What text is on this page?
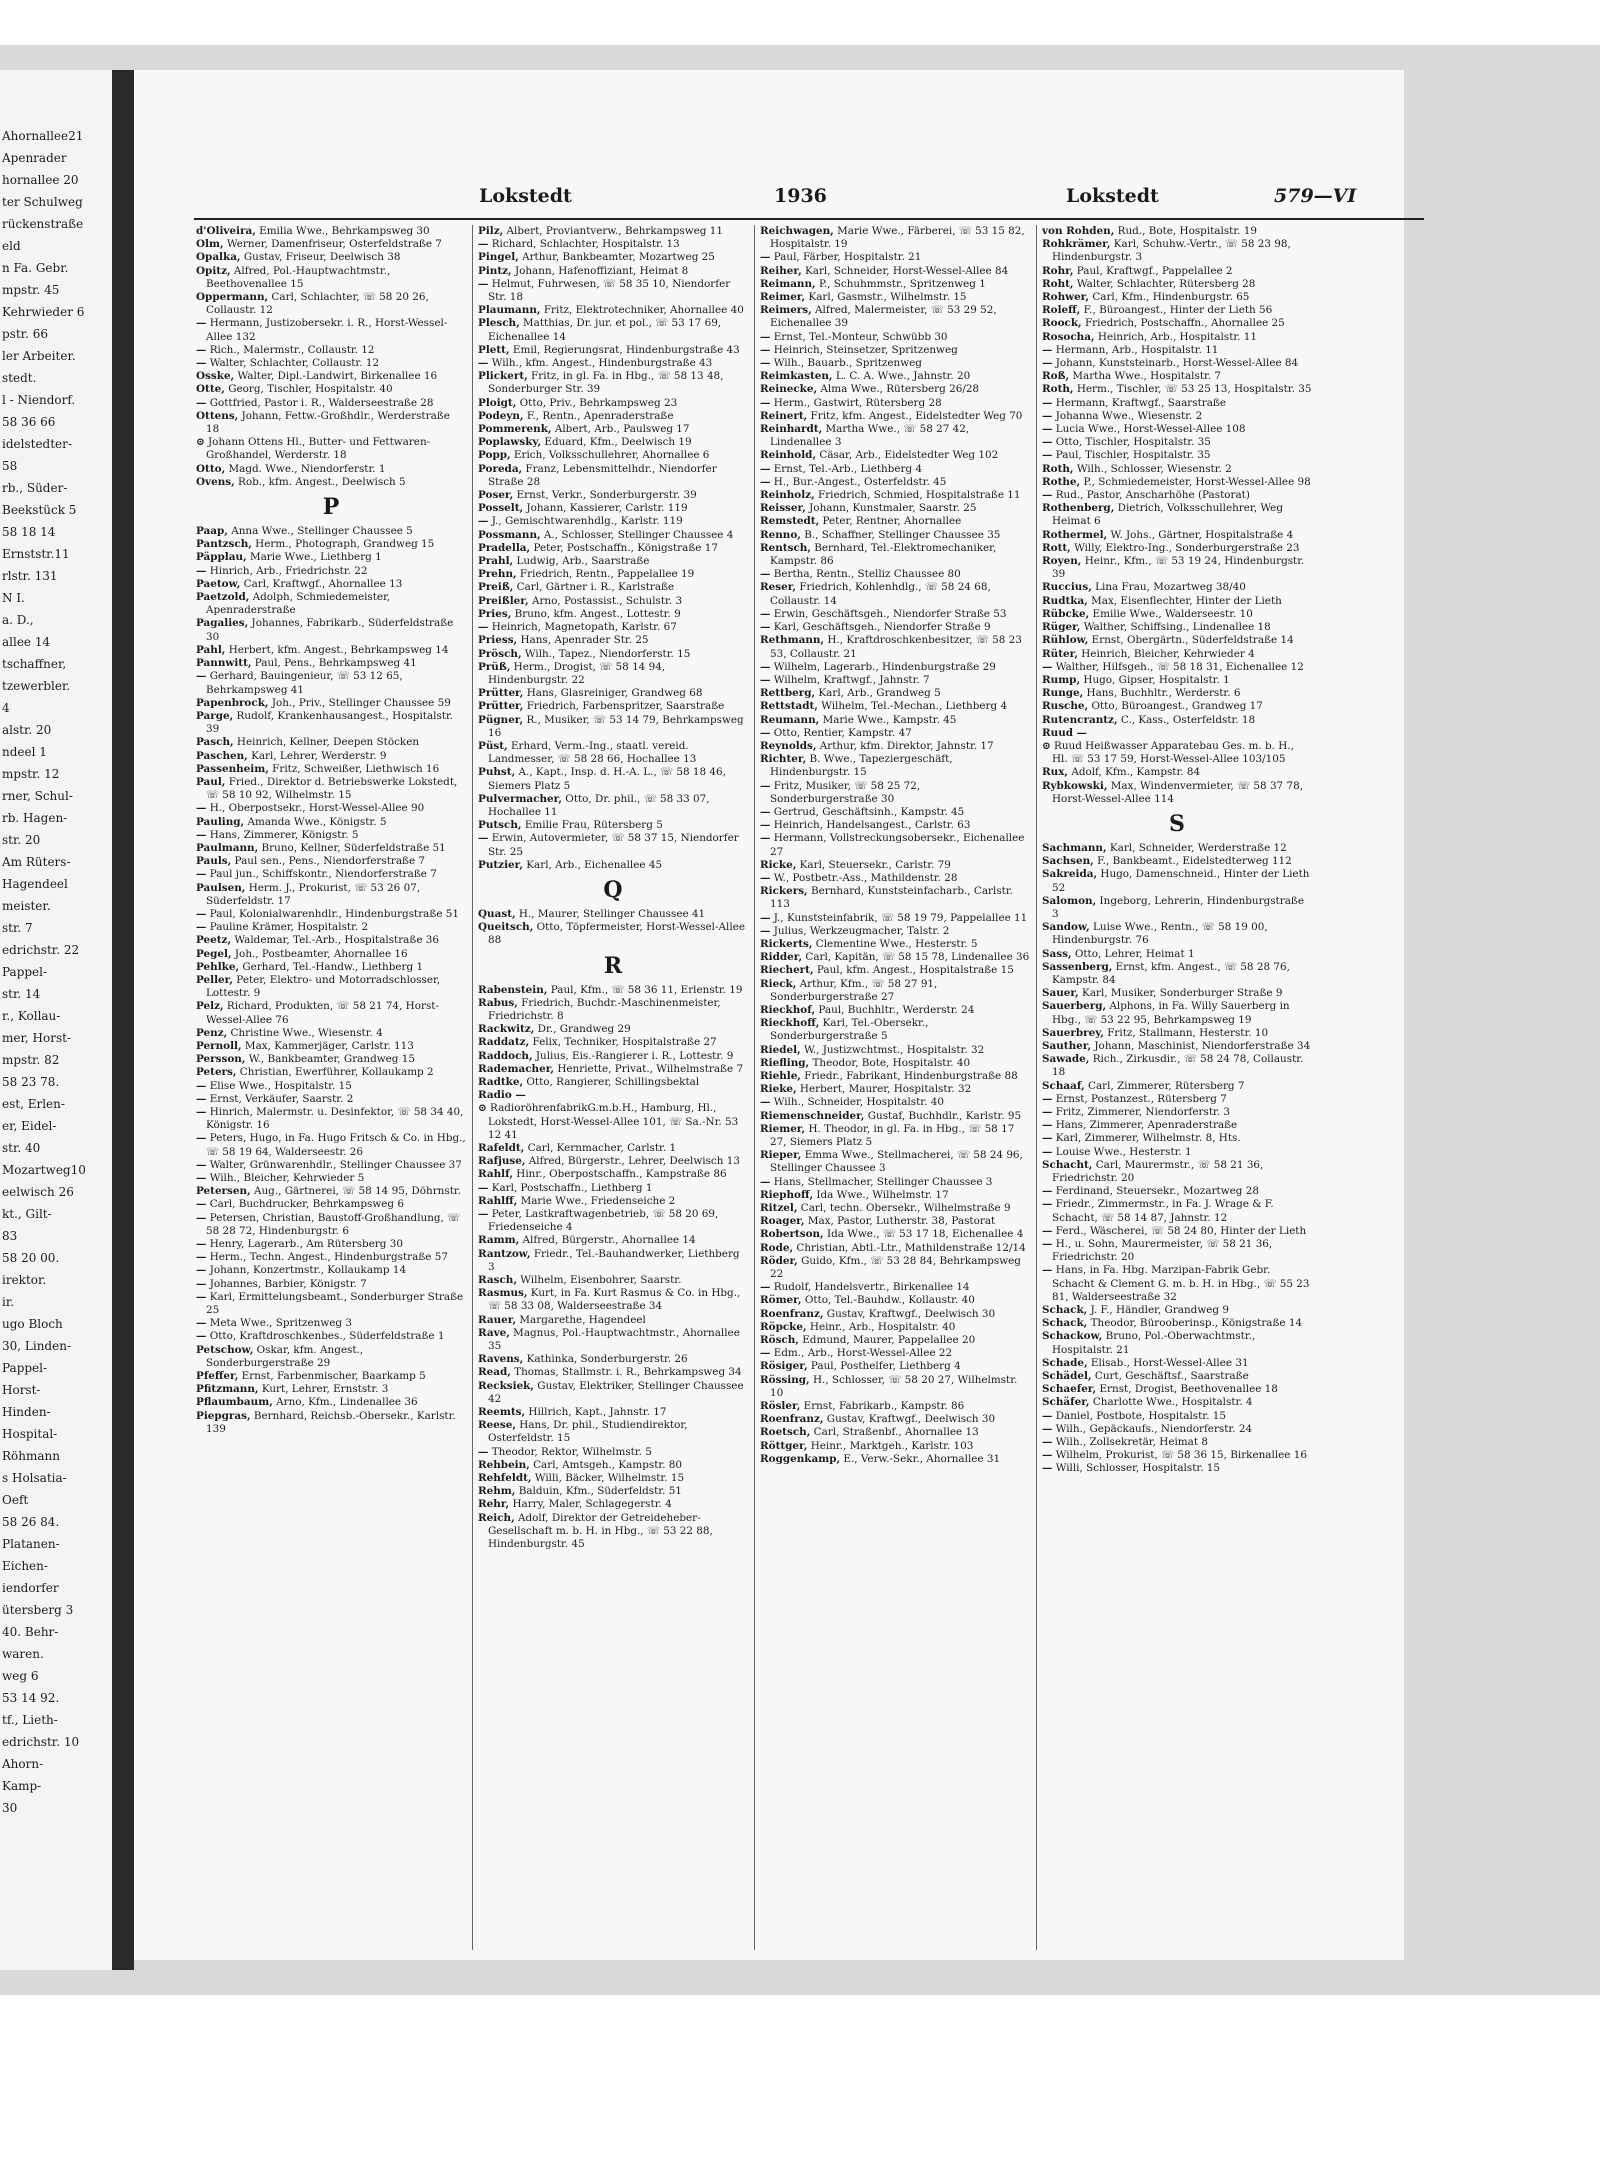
Ahornallee21
Apenrader
hornallee 20
ter Schulweg
rückenstraße
eld
n Fa. Gebr.
mpstr. 45
Kehrwieder 6
pstr. 66
ler Arbeiter.
stedt.
l - Niendorf.
58 36 66
idelstedter-
58
rb., Süder-
Beekstück 5
58 18 14
Ernststr.11
rlstr. 131
N I.
a. D.,
allee 14
tschaffner,
tzewerbler.
4
alstr. 20
ndeel 1
mpstr. 12
rner, Schul-
rb. Hagen-
str. 20
Am Rüters-
Hagendeel
meister.
str. 7
edrichstr. 22
Pappel-
str. 14
r., Kollau-
mer, Horst-
mpstr. 82
58 23 78.
est, Erlen-
er, Eidel-
str. 40
Mozartweg10
eelwisch 26
kt., Gilt-
83
58 20 00.
irektor.
ir.
ugo Bloch
30, Linden-
Pappel-
Horst-
Hinden-
Hospital-
Röhmann
s Holsatia-
Oeft
58 26 84.
Platanen-
Eichen-
iendorfer
ütersberg 3
40. Behr-
waren.
weg 6
53 14 92.
tf., Lieth-
edrichstr. 10
Ahorn-
Kamp-
30
Lokstedt	1936	Lokstedt	579—VI

d'Oliveira, Emilia Wwe., Behrkampsweg 30

Olm, Werner, Damenfriseur, Osterfeldstraße 7

Opalka, Gustav, Friseur, Deelwisch 38

Opitz, Alfred, Pol.-Hauptwachtmstr., Beethovenallee 15

Oppermann, Carl, Schlachter, ☏ 58 20 26, Collaustr. 12

— Hermann, Justizobersekr. i. R., Horst-Wessel-Allee 132

— Rich., Malermstr., Collaustr. 12

— Walter, Schlachter, Collaustr. 12

Osske, Walter, Dipl.-Landwirt, Birkenallee 16

Otte, Georg, Tischler, Hospitalstr. 40

— Gottfried, Pastor i. R., Walderseestraße 28

Ottens, Johann, Fettw.-Großhdlr., Werderstraße 18

⊙ Johann Ottens Hl., Butter- und Fettwaren-Großhandel, Werderstr. 18

Otto, Magd. Wwe., Niendorferstr. 1

Ovens, Rob., kfm. Angest., Deelwisch 5

P

Paap, Anna Wwe., Stellinger Chaussee 5

Pantzsch, Herm., Photograph, Grandweg 15

Päpplau, Marie Wwe., Liethberg 1

— Hinrich, Arb., Friedrichstr. 22

Paetow, Carl, Kraftwgf., Ahornallee 13

Paetzold, Adolph, Schmiedemeister, Apenraderstraße

Pagalies, Johannes, Fabrikarb., Süderfeldstraße 30

Pahl, Herbert, kfm. Angest., Behrkampsweg 14

Pannwitt, Paul, Pens., Behrkampsweg 41

— Gerhard, Bauingenieur, ☏ 53 12 65, Behrkampsweg 41

Papenbrock, Joh., Priv., Stellinger Chaussee 59

Parge, Rudolf, Krankenhausangest., Hospitalstr. 39

Pasch, Heinrich, Kellner, Deepen Stöcken

Paschen, Karl, Lehrer, Werderstr. 9

Passenheim, Fritz, Schweißer, Liethwisch 16

Paul, Fried., Direktor d. Betriebswerke Lokstedt, ☏ 58 10 92, Wilhelmstr. 15

— H., Oberpostsekr., Horst-Wessel-Allee 90

Pauling, Amanda Wwe., Königstr. 5

— Hans, Zimmerer, Königstr. 5

Paulmann, Bruno, Kellner, Süderfeldstraße 51

Pauls, Paul sen., Pens., Niendorferstraße 7

— Paul jun., Schiffskontr., Niendorferstraße 7

Paulsen, Herm. J., Prokurist, ☏ 53 26 07, Süderfeldstr. 17

— Paul, Kolonialwarenhdlr., Hindenburgstraße 51

— Pauline Krämer, Hospitalstr. 2

Peetz, Waldemar, Tel.-Arb., Hospitalstraße 36

Pegel, Joh., Postbeamter, Ahornallee 16

Pehlke, Gerhard, Tel.-Handw., Liethberg 1

Peller, Peter, Elektro- und Motorradschlosser, Lottestr. 9

Pelz, Richard, Produkten, ☏ 58 21 74, Horst-Wessel-Allee 76

Penz, Christine Wwe., Wiesenstr. 4

Pernoll, Max, Kammerjäger, Carlstr. 113

Persson, W., Bankbeamter, Grandweg 15

Peters, Christian, Ewerführer, Kollaukamp 2

— Elise Wwe., Hospitalstr. 15

— Ernst, Verkäufer, Saarstr. 2

— Hinrich, Malermstr. u. Desinfektor, ☏ 58 34 40, Königstr. 16

— Peters, Hugo, in Fa. Hugo Fritsch & Co. in Hbg., ☏ 58 19 64, Walderseestr. 26

— Walter, Grünwarenhdlr., Stellinger Chaussee 37

— Wilh., Bleicher, Kehrwieder 5

Petersen, Aug., Gärtnerei, ☏ 58 14 95, Döhrnstr.

— Carl, Buchdrucker, Behrkampsweg 6

— Petersen, Christian, Baustoff-Großhandlung, ☏ 58 28 72, Hindenburgstr. 6

— Henry, Lagerarb., Am Rütersberg 30

— Herm., Techn. Angest., Hindenburgstraße 57

— Johann, Konzertmstr., Kollaukamp 14

— Johannes, Barbier, Königstr. 7

— Karl, Ermittelungsbeamt., Sonderburger Straße 25

— Meta Wwe., Spritzenweg 3

— Otto, Kraftdroschkenbes., Süderfeldstraße 1

Petschow, Oskar, kfm. Angest., Sonderburgerstraße 29

Pfeffer, Ernst, Farbenmischer, Baarkamp 5

Pfitzmann, Kurt, Lehrer, Ernststr. 3

Pflaumbaum, Arno, Kfm., Lindenallee 36

Piepgras, Bernhard, Reichsb.-Obersekr., Karlstr. 139

Pilz, Albert, Proviantverw., Behrkampsweg 11

— Richard, Schlachter, Hospitalstr. 13

Pingel, Arthur, Bankbeamter, Mozartweg 25

Pintz, Johann, Hafenoffiziant, Heimat 8

— Helmut, Fuhrwesen, ☏ 58 35 10, Niendorfer Str. 18

Plaumann, Fritz, Elektrotechniker, Ahornallee 40

Plesch, Matthias, Dr. jur. et pol., ☏ 53 17 69, Eichenallee 14

Plett, Emil, Regierungsrat, Hindenburgstraße 43

— Wilh., kfm. Angest., Hindenburgstraße 43

Plickert, Fritz, in gl. Fa. in Hbg., ☏ 58 13 48, Sonderburger Str. 39

Ploigt, Otto, Priv., Behrkampsweg 23

Podeyn, F., Rentn., Apenraderstraße

Pommerenk, Albert, Arb., Paulsweg 17

Poplawsky, Eduard, Kfm., Deelwisch 19

Popp, Erich, Volksschullehrer, Ahornallee 6

Poreda, Franz, Lebensmittelhdr., Niendorfer Straße 28

Poser, Ernst, Verkr., Sonderburgerstr. 39

Posselt, Johann, Kassierer, Carlstr. 119

— J., Gemischtwarenhdlg., Karlstr. 119

Possmann, A., Schlosser, Stellinger Chaussee 4

Pradella, Peter, Postschaffn., Königstraße 17

Prahl, Ludwig, Arb., Saarstraße

Prehn, Friedrich, Rentn., Pappelallee 19

Preiß, Carl, Gärtner i. R., Karlstraße

Preißler, Arno, Postassist., Schulstr. 3

Pries, Bruno, kfm. Angest., Lottestr. 9

— Heinrich, Magnetopath, Karlstr. 67

Priess, Hans, Apenrader Str. 25

Prösch, Wilh., Tapez., Niendorferstr. 15

Prüß, Herm., Drogist, ☏ 58 14 94, Hindenburgstr. 22

Prütter, Hans, Glasreiniger, Grandweg 68

Prütter, Friedrich, Farbenspritzer, Saarstraße

Pügner, R., Musiker, ☏ 53 14 79, Behrkampsweg 16

Püst, Erhard, Verm.-Ing., staatl. vereid. Landmesser, ☏ 58 28 66, Hochallee 13

Puhst, A., Kapt., Insp. d. H.-A. L., ☏ 58 18 46, Siemers Platz 5

Pulvermacher, Otto, Dr. phil., ☏ 58 33 07, Hochallee 11

Putsch, Emilie Frau, Rütersberg 5

— Erwin, Autovermieter, ☏ 58 37 15, Niendorfer Str. 25

Putzier, Karl, Arb., Eichenallee 45

Q

Quast, H., Maurer, Stellinger Chaussee 41

Queitsch, Otto, Töpfermeister, Horst-Wessel-Allee 88

R

Rabenstein, Paul, Kfm., ☏ 58 36 11, Erlenstr. 19

Rabus, Friedrich, Buchdr.-Maschinenmeister, Friedrichstr. 8

Rackwitz, Dr., Grandweg 29

Raddatz, Felix, Techniker, Hospitalstraße 27

Raddoch, Julius, Eis.-Rangierer i. R., Lottestr. 9

Rademacher, Henriette, Privat., Wilhelmstraße 7

Radtke, Otto, Rangierer, Schillingsbektal

Radio —

⊙ RadioröhrenfabrikG.m.b.H., Hamburg, Hl., Lokstedt, Horst-Wessel-Allee 101, ☏ Sa.-Nr. 53 12 41

Rafeldt, Carl, Kernmacher, Carlstr. 1

Rafjuse, Alfred, Bürgerstr., Lehrer, Deelwisch 13

Rahlf, Hinr., Oberpostschaffn., Kampstraße 86

— Karl, Postschaffn., Liethberg 1

Rahlff, Marie Wwe., Friedenseiche 2

— Peter, Lastkraftwagenbetrieb, ☏ 58 20 69, Friedenseiche 4

Ramm, Alfred, Bürgerstr., Ahornallee 14

Rantzow, Friedr., Tel.-Bauhandwerker, Liethberg 3

Rasch, Wilhelm, Eisenbohrer, Saarstr.

Rasmus, Kurt, in Fa. Kurt Rasmus & Co. in Hbg., ☏ 58 33 08, Walderseestraße 34

Rauer, Margarethe, Hagendeel

Rave, Magnus, Pol.-Hauptwachtmstr., Ahornallee 35

Ravens, Kathinka, Sonderburgerstr. 26

Read, Thomas, Stallmstr. i. R., Behrkampsweg 34

Recksiek, Gustav, Elektriker, Stellinger Chaussee 42

Reemts, Hillrich, Kapt., Jahnstr. 17

Reese, Hans, Dr. phil., Studiendirektor, Osterfeldstr. 15

— Theodor, Rektor, Wilhelmstr. 5

Rehbein, Carl, Amtsgeh., Kampstr. 80

Rehfeldt, Willi, Bäcker, Wilhelmstr. 15

Rehm, Balduin, Kfm., Süderfeldstr. 51

Rehr, Harry, Maler, Schlagegerstr. 4

Reich, Adolf, Direktor der Getreideheber-Gesellschaft m. b. H. in Hbg., ☏ 53 22 88, Hindenburgstr. 45

Reichwagen, Marie Wwe., Färberei, ☏ 53 15 82, Hospitalstr. 19

— Paul, Färber, Hospitalstr. 21

Reiher, Karl, Schneider, Horst-Wessel-Allee 84

Reimann, P., Schuhmmstr., Spritzenweg 1

Reimer, Karl, Gasmstr., Wilhelmstr. 15

Reimers, Alfred, Malermeister, ☏ 53 29 52, Eichenallee 39

— Ernst, Tel.-Monteur, Schwübb 30

— Heinrich, Steinsetzer, Spritzenweg

— Wilh., Bauarb., Spritzenweg

Reimkasten, L. C. A. Wwe., Jahnstr. 20

Reinecke, Alma Wwe., Rütersberg 26/28

— Herm., Gastwirt, Rütersberg 28

Reinert, Fritz, kfm. Angest., Eidelstedter Weg 70

Reinhardt, Martha Wwe., ☏ 58 27 42, Lindenallee 3

Reinhold, Cäsar, Arb., Eidelstedter Weg 102

— Ernst, Tel.-Arb., Liethberg 4

— H., Bur.-Angest., Osterfeldstr. 45

Reinholz, Friedrich, Schmied, Hospitalstraße 11

Reisser, Johann, Kunstmaler, Saarstr. 25

Remstedt, Peter, Rentner, Ahornallee

Renno, B., Schaffner, Stellinger Chaussee 35

Rentsch, Bernhard, Tel.-Elektromechaniker, Kampstr. 86

— Bertha, Rentn., Stelliz Chaussee 80

Reser, Friedrich, Kohlenhdlg., ☏ 58 24 68, Collaustr. 14

— Erwin, Geschäftsgeh., Niendorfer Straße 53

— Karl, Geschäftsgeh., Niendorfer Straße 9

Rethmann, H., Kraftdroschkenbesitzer, ☏ 58 23 53, Collaustr. 21

— Wilhelm, Lagerarb., Hindenburgstraße 29

— Wilhelm, Kraftwgf., Jahnstr. 7

Rettberg, Karl, Arb., Grandweg 5

Rettstadt, Wilhelm, Tel.-Mechan., Liethberg 4

Reumann, Marie Wwe., Kampstr. 45

— Otto, Rentier, Kampstr. 47

Reynolds, Arthur, kfm. Direktor, Jahnstr. 17

Richter, B. Wwe., Tapeziergeschäft, Hindenburgstr. 15

— Fritz, Musiker, ☏ 58 25 72, Sonderburgerstraße 30

— Gertrud, Geschäftsinh., Kampstr. 45

— Heinrich, Handelsangest., Carlstr. 63

— Hermann, Vollstreckungsobersekr., Eichenallee 27

Ricke, Karl, Steuersekr., Carlstr. 79

— W., Postbetr.-Ass., Mathildenstr. 28

Rickers, Bernhard, Kunststeinfacharb., Carlstr. 113

— J., Kunststeinfabrik, ☏ 58 19 79, Pappelallee 11

— Julius, Werkzeugmacher, Talstr. 2

Rickerts, Clementine Wwe., Hesterstr. 5

Ridder, Carl, Kapitän, ☏ 58 15 78, Lindenallee 36

Riechert, Paul, kfm. Angest., Hospitalstraße 15

Rieck, Arthur, Kfm., ☏ 58 27 91, Sonderburgerstraße 27

Rieckhof, Paul, Buchhltr., Werderstr. 24

Rieckhoff, Karl, Tel.-Obersekr., Sonderburgerstraße 5

Riedel, W., Justizwchtmst., Hospitalstr. 32

Riefling, Theodor, Bote, Hospitalstr. 40

Riehle, Friedr., Fabrikant, Hindenburgstraße 88

Rieke, Herbert, Maurer, Hospitalstr. 32

— Wilh., Schneider, Hospitalstr. 40

Riemenschneider, Gustaf, Buchhdlr., Karlstr. 95

Riemer, H. Theodor, in gl. Fa. in Hbg., ☏ 58 17 27, Siemers Platz 5

Rieper, Emma Wwe., Stellmacherei, ☏ 58 24 96, Stellinger Chaussee 3

— Hans, Stellmacher, Stellinger Chaussee 3

Riephoff, Ida Wwe., Wilhelmstr. 17

Ritzel, Carl, techn. Obersekr., Wilhelmstraße 9

Roager, Max, Pastor, Lutherstr. 38, Pastorat

Robertson, Ida Wwe., ☏ 53 17 18, Eichenallee 4

Rode, Christian, Abtl.-Ltr., Mathildenstraße 12/14

Röder, Guido, Kfm., ☏ 53 28 84, Behrkampsweg 22

— Rudolf, Handelsvertr., Birkenallee 14

Römer, Otto, Tel.-Bauhdw., Kollaustr. 40

Roenfranz, Gustav, Kraftwgf., Deelwisch 30

Röpcke, Heinr., Arb., Hospitalstr. 40

Rösch, Edmund, Maurer, Pappelallee 20

— Edm., Arb., Horst-Wessel-Allee 22

Rösiger, Paul, Posthelfer, Liethberg 4

Rössing, H., Schlosser, ☏ 58 20 27, Wilhelmstr. 10

Rösler, Ernst, Fabrikarb., Kampstr. 86

Roenfranz, Gustav, Kraftwgf., Deelwisch 30

Roetsch, Carl, Straßenbf., Ahornallee 13

Röttger, Heinr., Marktgeh., Karlstr. 103

Roggenkamp, E., Verw.-Sekr., Ahornallee 31

von Rohden, Rud., Bote, Hospitalstr. 19

Rohkrämer, Karl, Schuhw.-Vertr., ☏ 58 23 98, Hindenburgstr. 3

Rohr, Paul, Kraftwgf., Pappelallee 2

Roht, Walter, Schlachter, Rütersberg 28

Rohwer, Carl, Kfm., Hindenburgstr. 65

Roleff, F., Büroangest., Hinter der Lieth 56

Roock, Friedrich, Postschaffn., Ahornallee 25

Rosocha, Heinrich, Arb., Hospitalstr. 11

— Hermann, Arb., Hospitalstr. 11

— Johann, Kunststeinarb., Horst-Wessel-Allee 84

Roß, Martha Wwe., Hospitalstr. 7

Roth, Herm., Tischler, ☏ 53 25 13, Hospitalstr. 35

— Hermann, Kraftwgf., Saarstraße

— Johanna Wwe., Wiesenstr. 2

— Lucia Wwe., Horst-Wessel-Allee 108

— Otto, Tischler, Hospitalstr. 35

— Paul, Tischler, Hospitalstr. 35

Roth, Wilh., Schlosser, Wiesenstr. 2

Rothe, P., Schmiedemeister, Horst-Wessel-Allee 98

— Rud., Pastor, Anscharhöhe (Pastorat)

Rothenberg, Dietrich, Volksschullehrer, Weg Heimat 6

Rothermel, W. Johs., Gärtner, Hospitalstraße 4

Rott, Willy, Elektro-Ing., Sonderburgerstraße 23

Royen, Heinr., Kfm., ☏ 53 19 24, Hindenburgstr. 39

Ruccius, Lina Frau, Mozartweg 38/40

Rudtka, Max, Eisenflechter, Hinter der Lieth

Rübcke, Emilie Wwe., Walderseestr. 10

Rüger, Walther, Schiffsing., Lindenallee 18

Rühlow, Ernst, Obergärtn., Süderfeldstraße 14

Rüter, Heinrich, Bleicher, Kehrwieder 4

— Walther, Hilfsgeh., ☏ 58 18 31, Eichenallee 12

Rump, Hugo, Gipser, Hospitalstr. 1

Runge, Hans, Buchhltr., Werderstr. 6

Rusche, Otto, Büroangest., Grandweg 17

Rutencrantz, C., Kass., Osterfeldstr. 18

Ruud —

⊙ Ruud Heißwasser Apparatebau Ges. m. b. H., Hl. ☏ 53 17 59, Horst-Wessel-Allee 103/105

Rux, Adolf, Kfm., Kampstr. 84

Rybkowski, Max, Windenvermieter, ☏ 58 37 78, Horst-Wessel-Allee 114

S

Sachmann, Karl, Schneider, Werderstraße 12

Sachsen, F., Bankbeamt., Eidelstedterweg 112

Sakreida, Hugo, Damenschneid., Hinter der Lieth 52

Salomon, Ingeborg, Lehrerin, Hindenburgstraße 3

Sandow, Luise Wwe., Rentn., ☏ 58 19 00, Hindenburgstr. 76

Sass, Otto, Lehrer, Heimat 1

Sassenberg, Ernst, kfm. Angest., ☏ 58 28 76, Kampstr. 84

Sauer, Karl, Musiker, Sonderburger Straße 9

Sauerberg, Alphons, in Fa. Willy Sauerberg in Hbg., ☏ 53 22 95, Behrkampsweg 19

Sauerbrey, Fritz, Stallmann, Hesterstr. 10

Sauther, Johann, Maschinist, Niendorferstraße 34

Sawade, Rich., Zirkusdir., ☏ 58 24 78, Collaustr. 18

Schaaf, Carl, Zimmerer, Rütersberg 7

— Ernst, Postanzest., Rütersberg 7

— Fritz, Zimmerer, Niendorferstr. 3

— Hans, Zimmerer, Apenraderstraße

— Karl, Zimmerer, Wilhelmstr. 8, Hts.

— Louise Wwe., Hesterstr. 1

Schacht, Carl, Maurermstr., ☏ 58 21 36, Friedrichstr. 20

— Ferdinand, Steuersekr., Mozartweg 28

— Friedr., Zimmermstr., in Fa. J. Wrage & F. Schacht, ☏ 58 14 87, Jahnstr. 12

— Ferd., Wäscherei, ☏ 58 24 80, Hinter der Lieth

— H., u. Sohn, Maurermeister, ☏ 58 21 36, Friedrichstr. 20

— Hans, in Fa. Hbg. Marzipan-Fabrik Gebr. Schacht & Clement G. m. b. H. in Hbg., ☏ 55 23 81, Walderseestraße 32

Schack, J. F., Händler, Grandweg 9

Schack, Theodor, Bürooberinsp., Königstraße 14

Schackow, Bruno, Pol.-Oberwachtmstr., Hospitalstr. 21

Schade, Elisab., Horst-Wessel-Allee 31

Schädel, Curt, Geschäftsf., Saarstraße

Schaefer, Ernst, Drogist, Beethovenallee 18

Schäfer, Charlotte Wwe., Hospitalstr. 4

— Daniel, Postbote, Hospitalstr. 15

— Wilh., Gepäckaufs., Niendorferstr. 24

— Wilh., Zollsekretär, Heimat 8

— Wilhelm, Prokurist, ☏ 58 36 15, Birkenallee 16

— Willi, Schlosser, Hospitalstr. 15
